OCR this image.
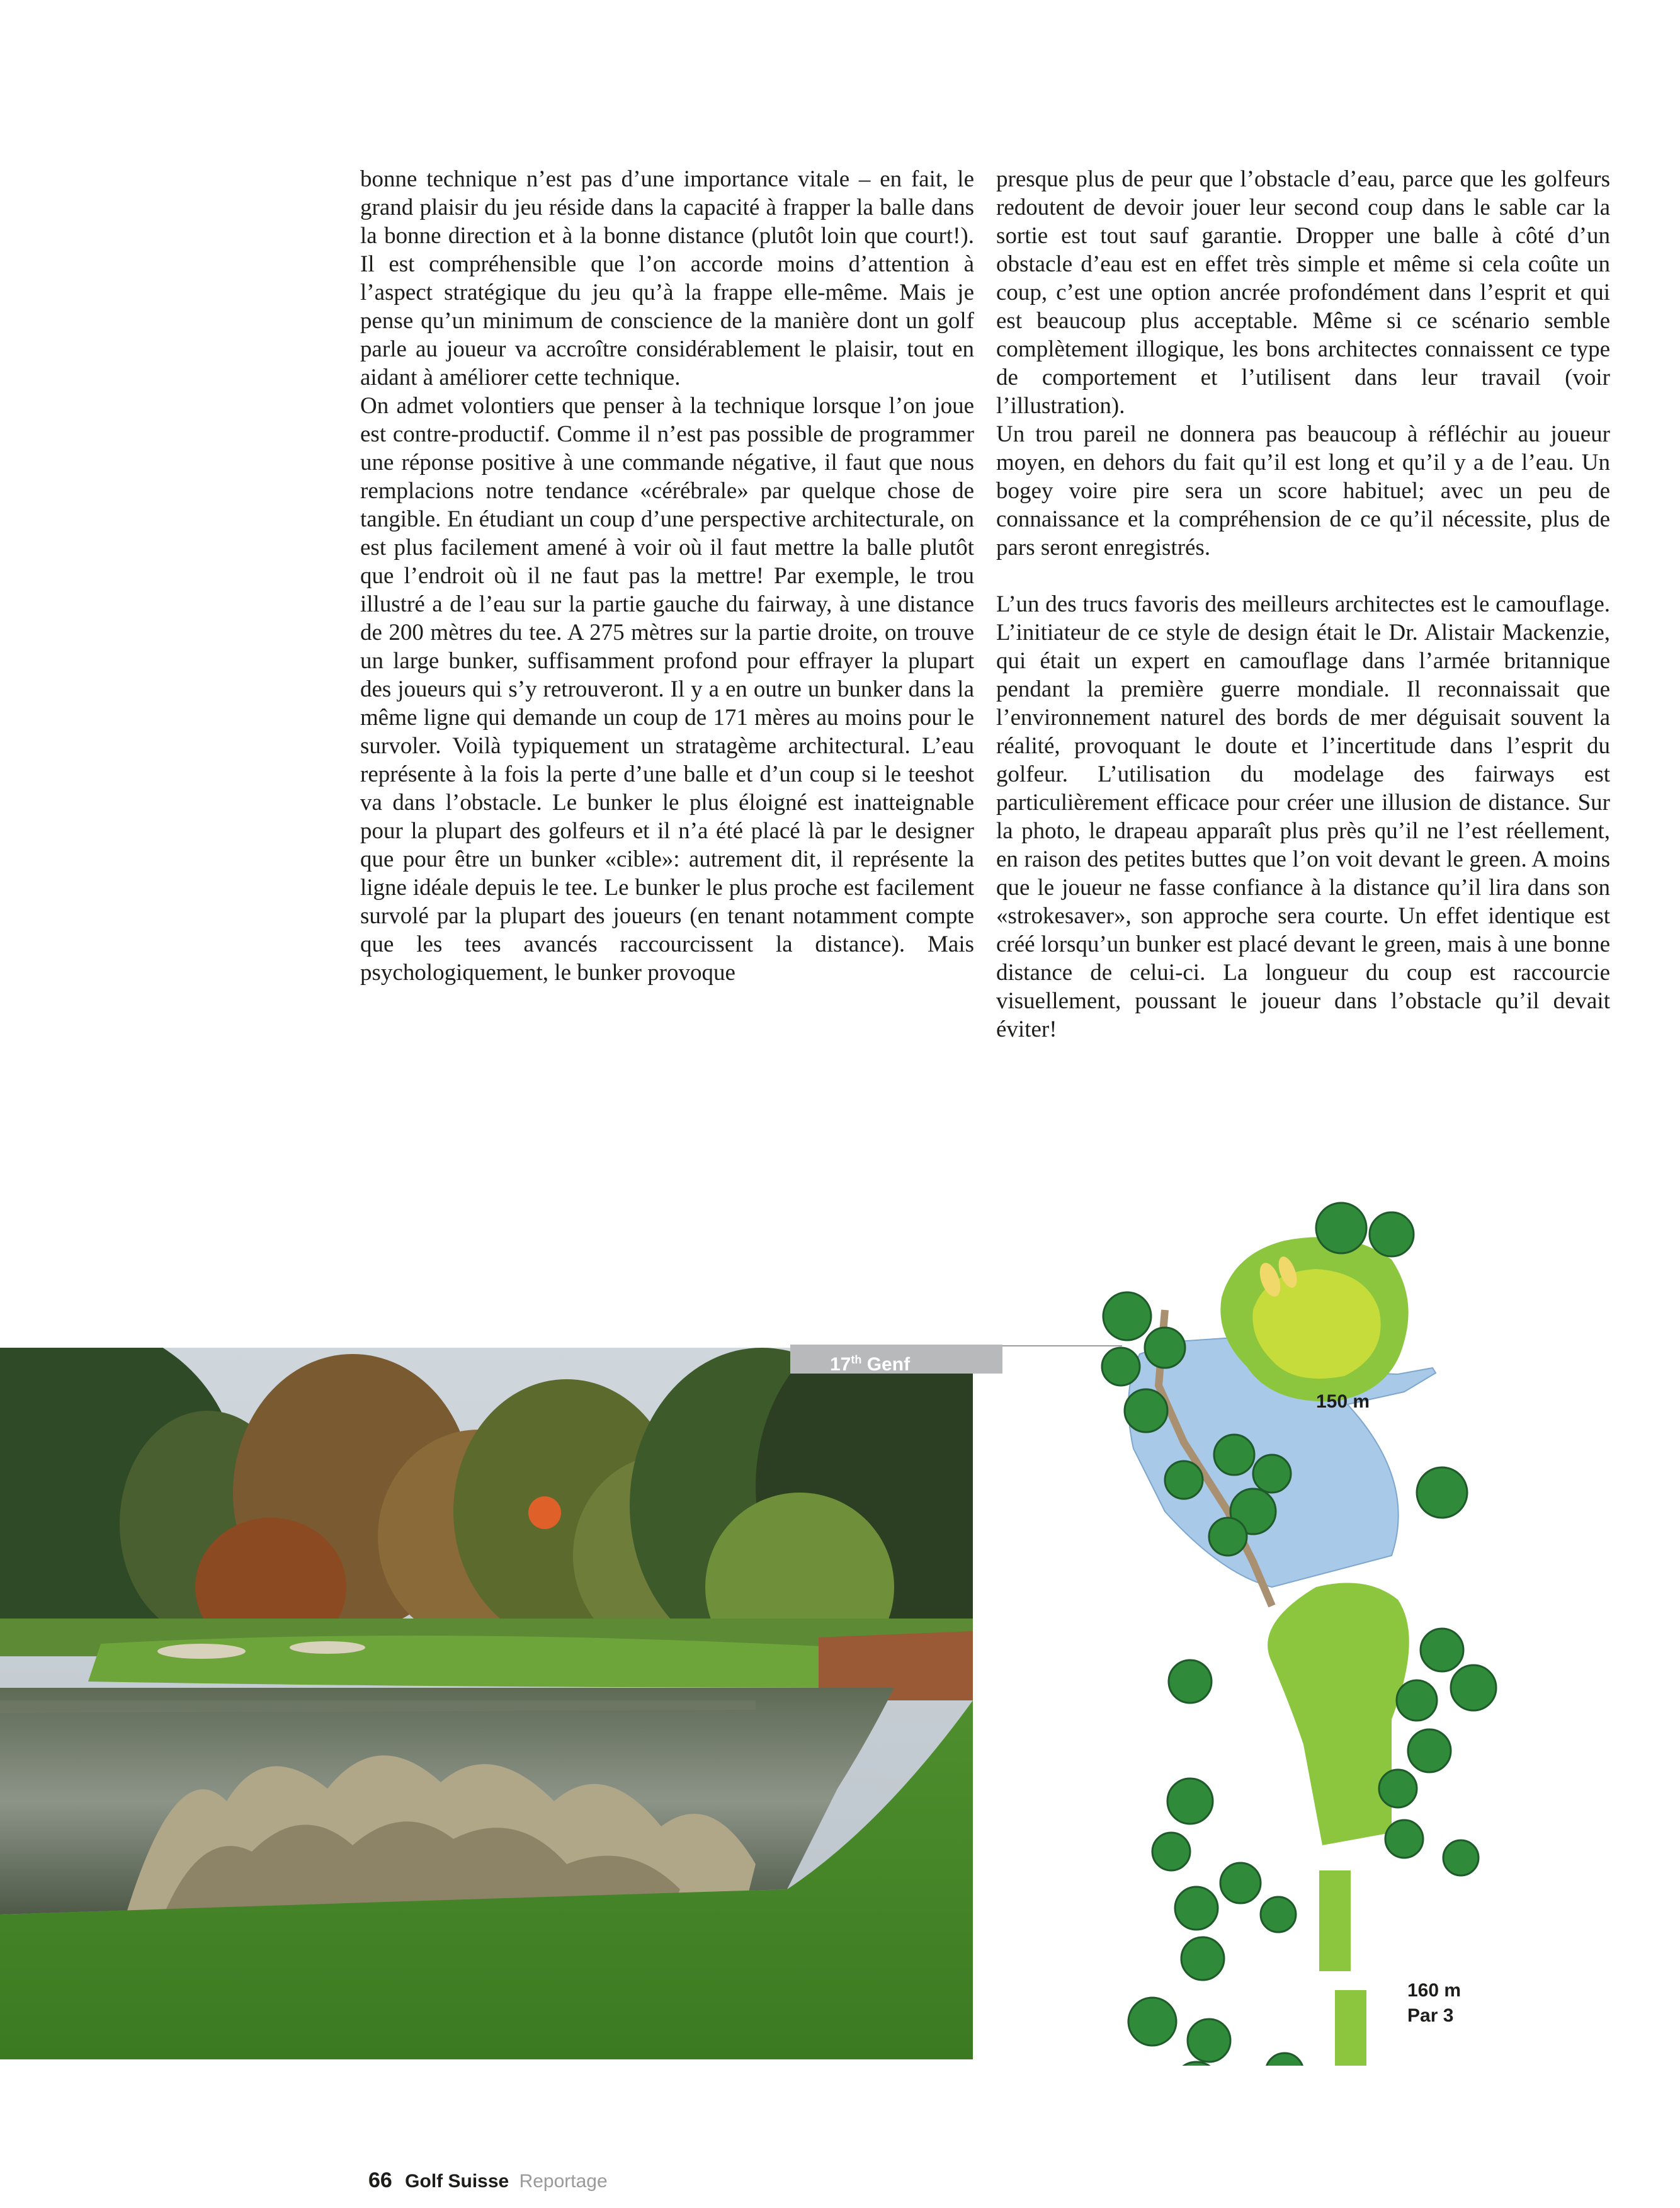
bonne technique n’est pas d’une importance vitale – en fait, le grand plaisir du jeu réside dans la capacité à frapper la balle dans la bonne direction et à la bonne distance (plutôt loin que court!). Il est compréhensible que l’on accorde moins d’attention à l’aspect stratégique du jeu qu’à la frappe elle-même. Mais je pense qu’un minimum de conscience de la manière dont un golf parle au joueur va accroître considérablement le plaisir, tout en aidant à améliorer cette technique.

On admet volontiers que penser à la technique lorsque l’on joue est contre-productif. Comme il n’est pas possible de programmer une réponse positive à une commande négative, il faut que nous remplacions notre tendance «cérébrale» par quelque chose de tangible. En étudiant un coup d’une perspective architecturale, on est plus facilement amené à voir où il faut mettre la balle plutôt que l’endroit où il ne faut pas la mettre! Par exemple, le trou illustré a de l’eau sur la partie gauche du fairway, à une distance de 200 mètres du tee. A 275 mètres sur la partie droite, on trouve un large bunker, suffisamment profond pour effrayer la plupart des joueurs qui s’y retrouveront. Il y a en outre un bunker dans la même ligne qui demande un coup de 171 mères au moins pour le survoler. Voilà typiquement un stratagème architectural. L’eau représente à la fois la perte d’une balle et d’un coup si le teeshot va dans l’obstacle. Le bunker le plus éloigné est inatteignable pour la plupart des golfeurs et il n’a été placé là par le designer que pour être un bunker «cible»: autrement dit, il représente la ligne idéale depuis le tee. Le bunker le plus proche est facilement survolé par la plupart des joueurs (en tenant notamment compte que les tees avancés raccourcissent la distance). Mais psychologiquement, le bunker provoque

presque plus de peur que l’obstacle d’eau, parce que les golfeurs redoutent de devoir jouer leur second coup dans le sable car la sortie est tout sauf garantie. Dropper une balle à côté d’un obstacle d’eau est en effet très simple et même si cela coûte un coup, c’est une option ancrée profondément dans l’esprit et qui est beaucoup plus acceptable. Même si ce scénario semble complètement illogique, les bons architectes connaissent ce type de comportement et l’utilisent dans leur travail (voir l’illustration).

Un trou pareil ne donnera pas beaucoup à réfléchir au joueur moyen, en dehors du fait qu’il est long et qu’il y a de l’eau. Un bogey voire pire sera un score habituel; avec un peu de connaissance et la compréhension de ce qu’il nécessite, plus de pars seront enregistrés.

L’un des trucs favoris des meilleurs architectes est le camouflage. L’initiateur de ce style de design était le Dr. Alistair Mackenzie, qui était un expert en camouflage dans l’armée britannique pendant la première guerre mondiale. Il reconnaissait que l’environnement naturel des bords de mer déguisait souvent la réalité, provoquant le doute et l’incertitude dans l’esprit du golfeur. L’utilisation du modelage des fairways est particulièrement efficace pour créer une illusion de distance. Sur la photo, le drapeau apparaît plus près qu’il ne l’est réellement, en raison des petites buttes que l’on voit devant le green. A moins que le joueur ne fasse confiance à la distance qu’il lira dans son «strokesaver», son approche sera courte. Un effet identique est créé lorsqu’un bunker est placé devant le green, mais à une bonne distance de celui-ci. La longueur du coup est raccourcie visuellement, poussant le joueur dans l’obstacle qu’il devait éviter!

17th Genf
150 m
160 m
Par 3
66 Golf Suisse Reportage
